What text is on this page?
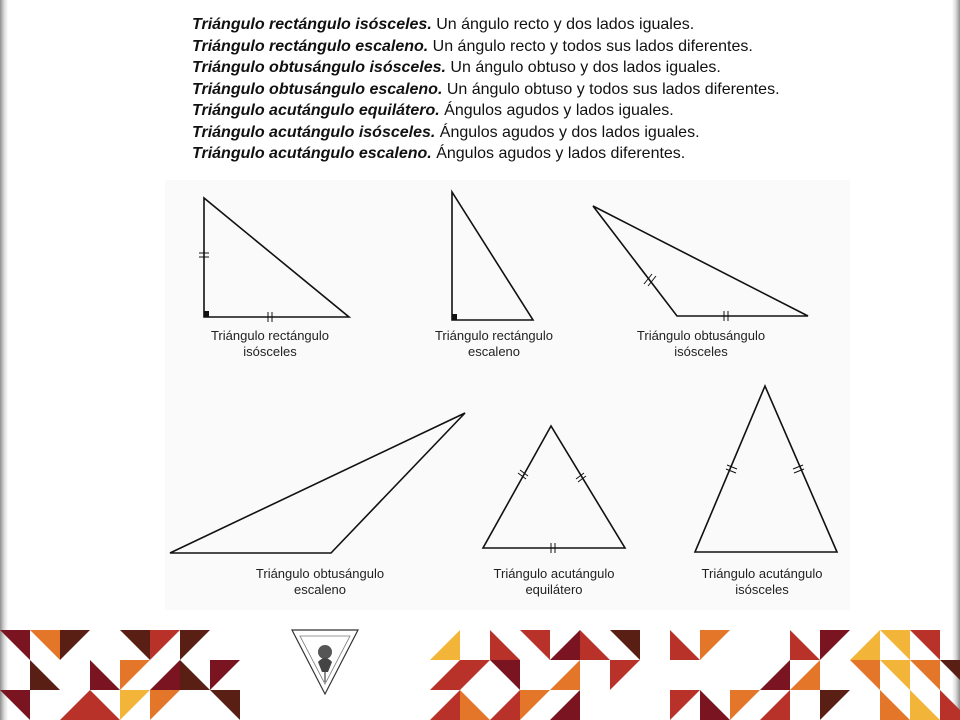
Triángulo rectángulo isósceles. Un ángulo recto y dos lados iguales.
Triángulo rectángulo escaleno. Un ángulo recto y todos sus lados diferentes.
Triángulo obtusángulo isósceles. Un ángulo obtuso y dos lados iguales.
Triángulo obtusángulo escaleno. Un ángulo obtuso y todos sus lados diferentes.
Triángulo acutángulo equilátero. Ángulos agudos y lados iguales.
Triángulo acutángulo isósceles. Ángulos agudos y dos lados iguales.
Triángulo acutángulo escaleno. Ángulos agudos y lados diferentes.
Triángulo rectángulo
isósceles
Triángulo rectángulo
escaleno
Triángulo obtusángulo
isósceles
Triángulo obtusángulo
escaleno
Triángulo acutángulo
equilátero
Triángulo acutángulo
isósceles
